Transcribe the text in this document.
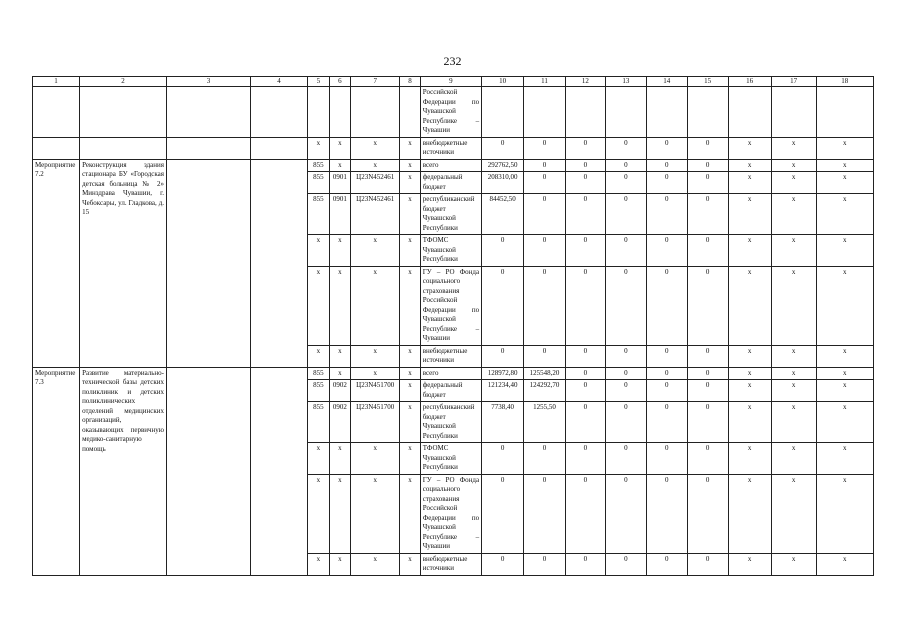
232
1	2	3	4	5	6	7	8	9	10	11	12	13	14	15	16	17	18
								Российской Федерации по Чувашской Республике – Чувашии									
				x	x	x	x	внебюджетные источники	0	0	0	0	0	0	x	x	x
Мероприятие 7.2	Реконструкция здания стационара БУ «Городская детская больница № 2» Минздрава Чувашии, г. Чебоксары, ул. Гладкова, д. 15			855	x	x	x	всего	292762,50	0	0	0	0	0	x	x	x
				855	0901	Ц23N452461	x	федеральный бюджет	208310,00	0	0	0	0	0	x	x	x
				855	0901	Ц23N452461	x	республиканский бюджет Чувашской Республики	84452,50	0	0	0	0	0	x	x	x
				x	x	x	x	ТФОМС Чувашской Республики	0	0	0	0	0	0	x	x	x
				x	x	x	x	ГУ – РО Фонда социального страхования Российской Федерации по Чувашской Республике – Чувашии	0	0	0	0	0	0	x	x	x
				x	x	x	x	внебюджетные источники	0	0	0	0	0	0	x	x	x
Мероприятие 7.3	Развитие материально-технической базы детских поликлиник и детских поликлинических отделений медицинских организаций, оказывающих первичную медико-санитарную помощь			855	x	x	x	всего	128972,80	125548,20	0	0	0	0	x	x	x
				855	0902	Ц23N451700	x	федеральный бюджет	121234,40	124292,70	0	0	0	0	x	x	x
				855	0902	Ц23N451700	x	республиканский бюджет Чувашской Республики	7738,40	1255,50	0	0	0	0	x	x	x
				x	x	x	x	ТФОМС Чувашской Республики	0	0	0	0	0	0	x	x	x
				x	x	x	x	ГУ – РО Фонда социального страхования Российской Федерации по Чувашской Республике – Чувашии	0	0	0	0	0	0	x	x	x
				x	x	x	x	внебюджетные источники	0	0	0	0	0	0	x	x	x
